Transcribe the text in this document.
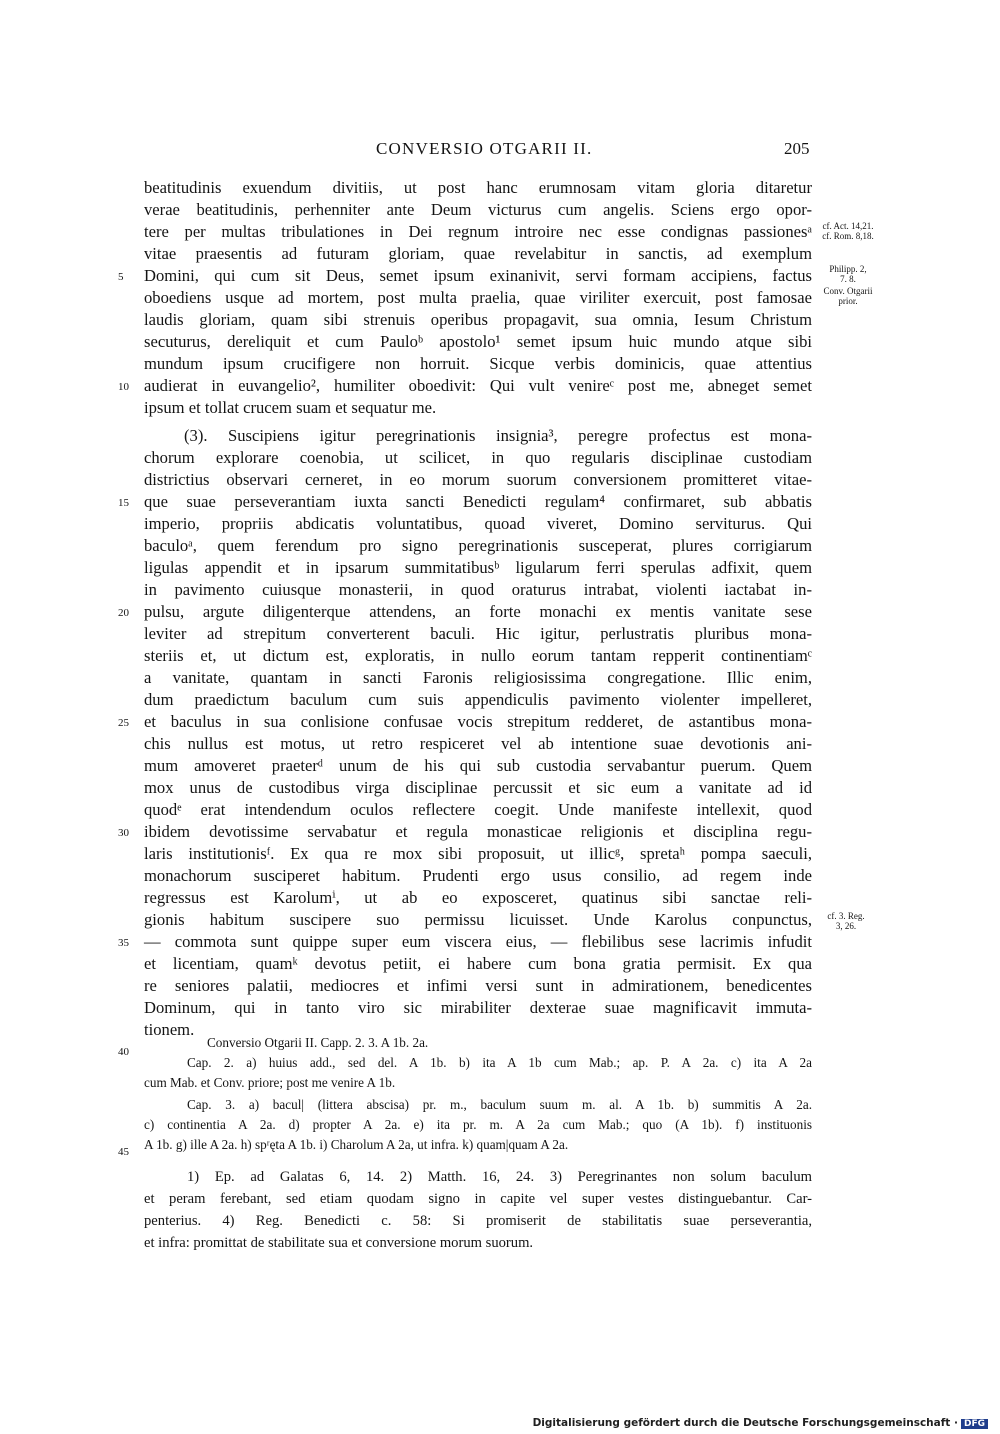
CONVERSIO OTGARII II.	205
beatitudinis exuendum divitiis, ut post hanc erumnosam vitam gloria ditaretur
verae beatitudinis, perhenniter ante Deum victurus cum angelis. Sciens ergo opor-
tere per multas tribulationes in Dei regnum introire nec esse condignas passionesᵃ
vitae praesentis ad futuram gloriam, quae revelabitur in sanctis, ad exemplum
Domini, qui cum sit Deus, semet ipsum exinanivit, servi formam accipiens, factus
oboediens usque ad mortem, post multa praelia, quae viriliter exercuit, post famosae
laudis gloriam, quam sibi strenuis operibus propagavit, sua omnia, Iesum Christum
secuturus, dereliquit et cum Pauloᵇ apostolo¹ semet ipsum huic mundo atque sibi
mundum ipsum crucifigere non horruit. Sicque verbis dominicis, quae attentius
audierat in euvangelio², humiliter oboedivit: Qui vult venireᶜ post me, abneget semet
ipsum et tollat crucem suam et sequatur me.
(3). Suscipiens igitur peregrinationis insignia³, peregre profectus est mona-
chorum explorare coenobia, ut scilicet, in quo regularis disciplinae custodiam
districtius observari cerneret, in eo morum suorum conversionem promitteret vitae-
que suae perseverantiam iuxta sancti Benedicti regulam⁴ confirmaret, sub abbatis
imperio, propriis abdicatis voluntatibus, quoad viveret, Domino serviturus. Qui
baculoᵃ, quem ferendum pro signo peregrinationis susceperat, plures corrigiarum
ligulas appendit et in ipsarum summitatibusᵇ ligularum ferri sperulas adfixit, quem
in pavimento cuiusque monasterii, in quod oraturus intrabat, violenti iactabat in-
pulsu, argute diligenterque attendens, an forte monachi ex mentis vanitate sese
leviter ad strepitum converterent baculi. Hic igitur, perlustratis pluribus mona-
steriis et, ut dictum est, exploratis, in nullo eorum tantam repperit continentiamᶜ
a vanitate, quantam in sancti Faronis religiosissima congregatione. Illic enim,
dum praedictum baculum cum suis appendiculis pavimento violenter impelleret,
et baculus in sua conlisione confusae vocis strepitum redderet, de astantibus mona-
chis nullus est motus, ut retro respiceret vel ab intentione suae devotionis ani-
mum amoveret praeterᵈ unum de his qui sub custodia servabantur puerum. Quem
mox unus de custodibus virga disciplinae percussit et sic eum a vanitate ad id
quodᵉ erat intendendum oculos reflectere coegit. Unde manifeste intellexit, quod
ibidem devotissime servabatur et regula monasticae religionis et disciplina regu-
laris institutionisᶠ. Ex qua re mox sibi proposuit, ut illicᵍ, spretaʰ pompa saeculi,
monachorum susciperet habitum. Prudenti ergo usus consilio, ad regem inde
regressus est Karolumⁱ, ut ab eo exposceret, quatinus sibi sanctae reli-
gionis habitum suscipere suo permissu licuisset. Unde Karolus conpunctus,
— commota sunt quippe super eum viscera eius, — flebilibus sese lacrimis infudit
et licentiam, quamᵏ devotus petiit, ei habere cum bona gratia permisit. Ex qua
re seniores palatii, mediocres et infimi versi sunt in admirationem, benedicentes
Dominum, qui in tanto viro sic mirabiliter dexterae suae magnificavit immuta-
tionem.
5
10
15
20
25
30
35
40
45
cf. Act. 14,21.
cf. Rom. 8,18.
Philipp. 2,
7. 8.
Conv. Otgarii
prior.
cf. 3. Reg.
3, 26.
Conversio Otgarii II. Capp. 2. 3. A 1b. 2a.
Cap. 2. a) huius add., sed del. A 1b. b) ita A 1b cum Mab.; ap. P. A 2a. c) ita A 2a
cum Mab. et Conv. priore; post me venire A 1b.
Cap. 3. a) bacul| (littera abscisa) pr. m., baculum suum m. al. A 1b. b) summitis A 2a.
c) continentia A 2a. d) propter A 2a. e) ita pr. m. A 2a cum Mab.; quo (A 1b). f) instituonis
A 1b. g) ille A 2a. h) spʳęta A 1b. i) Charolum A 2a, ut infra. k) quam|quam A 2a.
1) Ep. ad Galatas 6, 14. 2) Matth. 16, 24. 3) Peregrinantes non solum baculum
et peram ferebant, sed etiam quodam signo in capite vel super vestes distinguebantur. Car-
penterius. 4) Reg. Benedicti c. 58: Si promiserit de stabilitatis suae perseverantia,
et infra: promittat de stabilitate sua et conversione morum suorum.
Digitalisierung gefördert durch die Deutsche Forschungsgemeinschaft · DFG
